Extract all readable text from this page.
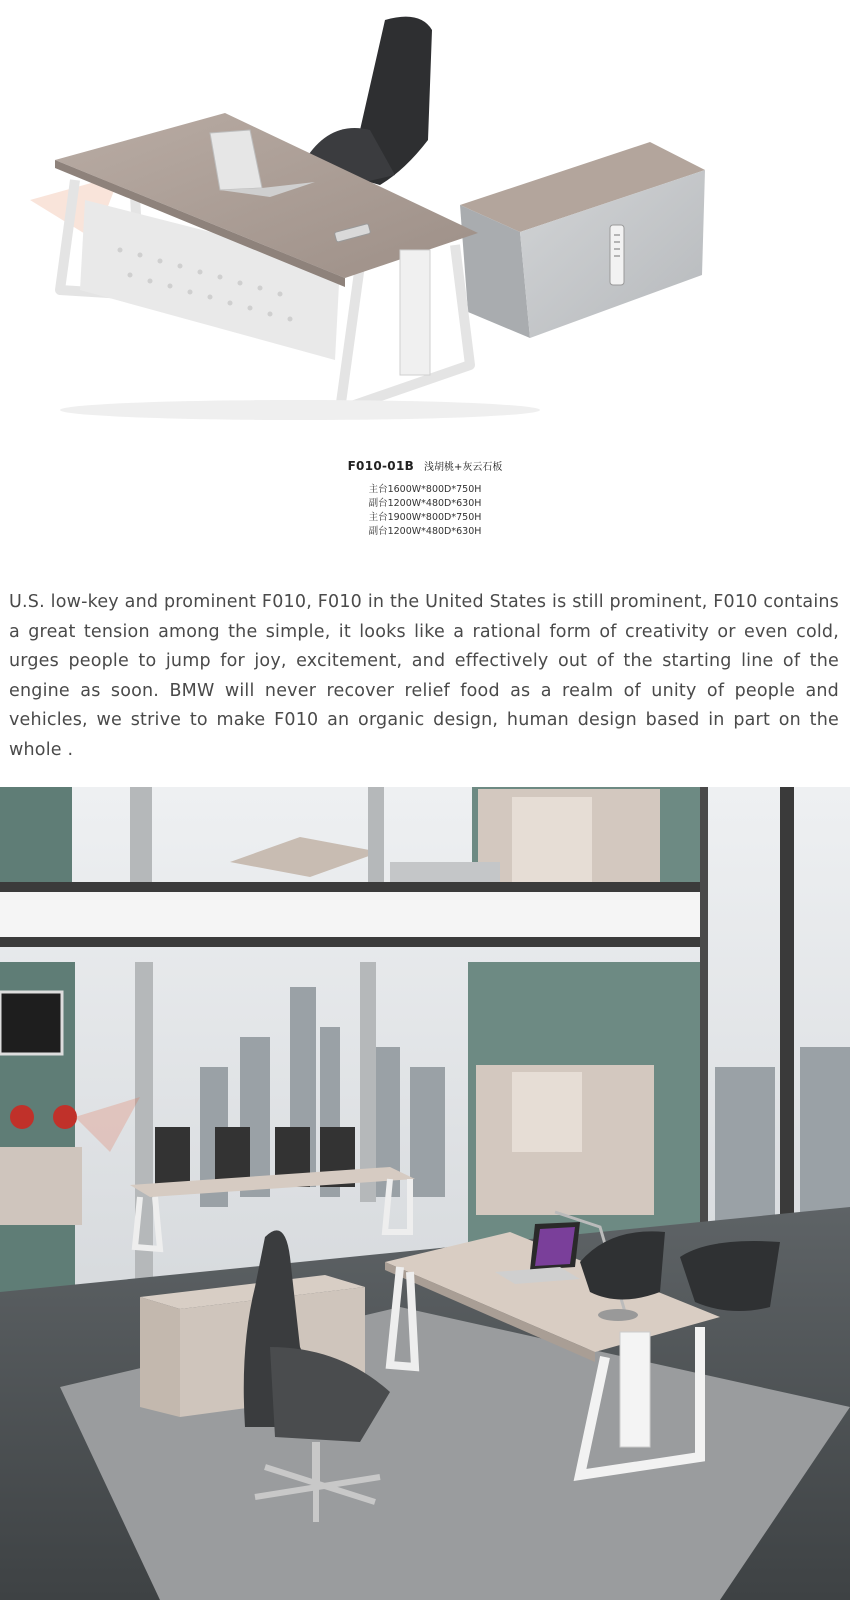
F010-01B 浅胡桃+灰云石板
主台1600W*800D*750H
副台1200W*480D*630H
主台1900W*800D*750H
副台1200W*480D*630H
U.S. low-key and prominent F010, F010 in the United States is still prominent, F010 contains a great tension among the simple, it looks like a rational form of creativity or even cold, urges people to jump for joy, excitement, and effectively out of the starting line of the engine as soon. BMW will never recover relief food as a realm of unity of people and vehicles, we strive to make F010 an organic design, human design based in part on the whole .
